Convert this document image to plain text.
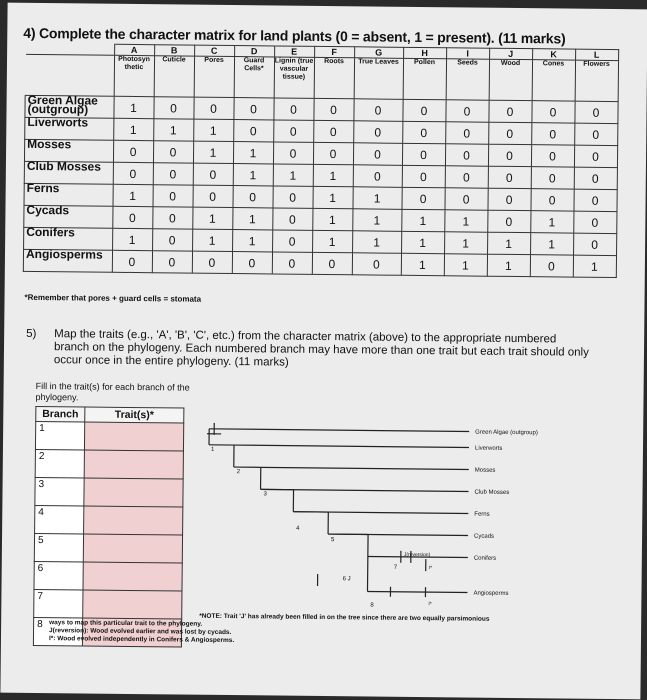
4) Complete the character matrix for land plants (0 = absent, 1 = present). (11 marks)
	A	B	C	D	E	F	G	H	I	J	K	L
	Photosyn thetic	Cuticle	Pores	Guard Cells*	Lignin (true vascular tissue)	Roots	True Leaves	Pollen	Seeds	Wood	Cones	Flowers
Green Algae (outgroup)	1	0	0	0	0	0	0	0	0	0	0	0
Liverworts	1	1	1	0	0	0	0	0	0	0	0	0
Mosses	0	0	1	1	0	0	0	0	0	0	0	0
Club Mosses	0	0	0	1	1	1	0	0	0	0	0	0
Ferns	1	0	0	0	0	1	1	0	0	0	0	0
Cycads	0	0	1	1	0	1	1	1	1	0	1	0
Conifers	1	0	1	1	0	1	1	1	1	1	1	0
Angiosperms	0	0	0	0	0	0	0	1	1	1	0	1
*Remember that pores + guard cells = stomata
5) Map the traits (e.g., 'A', 'B', 'C', etc.) from the character matrix (above) to the appropriate numbered branch on the phylogeny. Each numbered branch may have more than one trait but each trait should only occur once in the entire phylogeny. (11 marks)
Fill in the trait(s) for each branch of the phylogeny.
Branch	Trait(s)*
1	
2	
3	
4	
5	
6	
7	
8	
Green Algae (outgroup)
Liverworts
Mosses
Club Mosses
Ferns
Cycads
Conifers
Angiosperms
1
2
3
4
5
7
8
J(reversion)
I*
6 J
I*
*NOTE: Trait 'J' has already been filled in on the tree since there are two equally parsimonious
ways to map this particular trait to the phylogeny.
J(reversion): Wood evolved earlier and was lost by cycads.
I*: Wood evolved independently in Conifers & Angiosperms.
